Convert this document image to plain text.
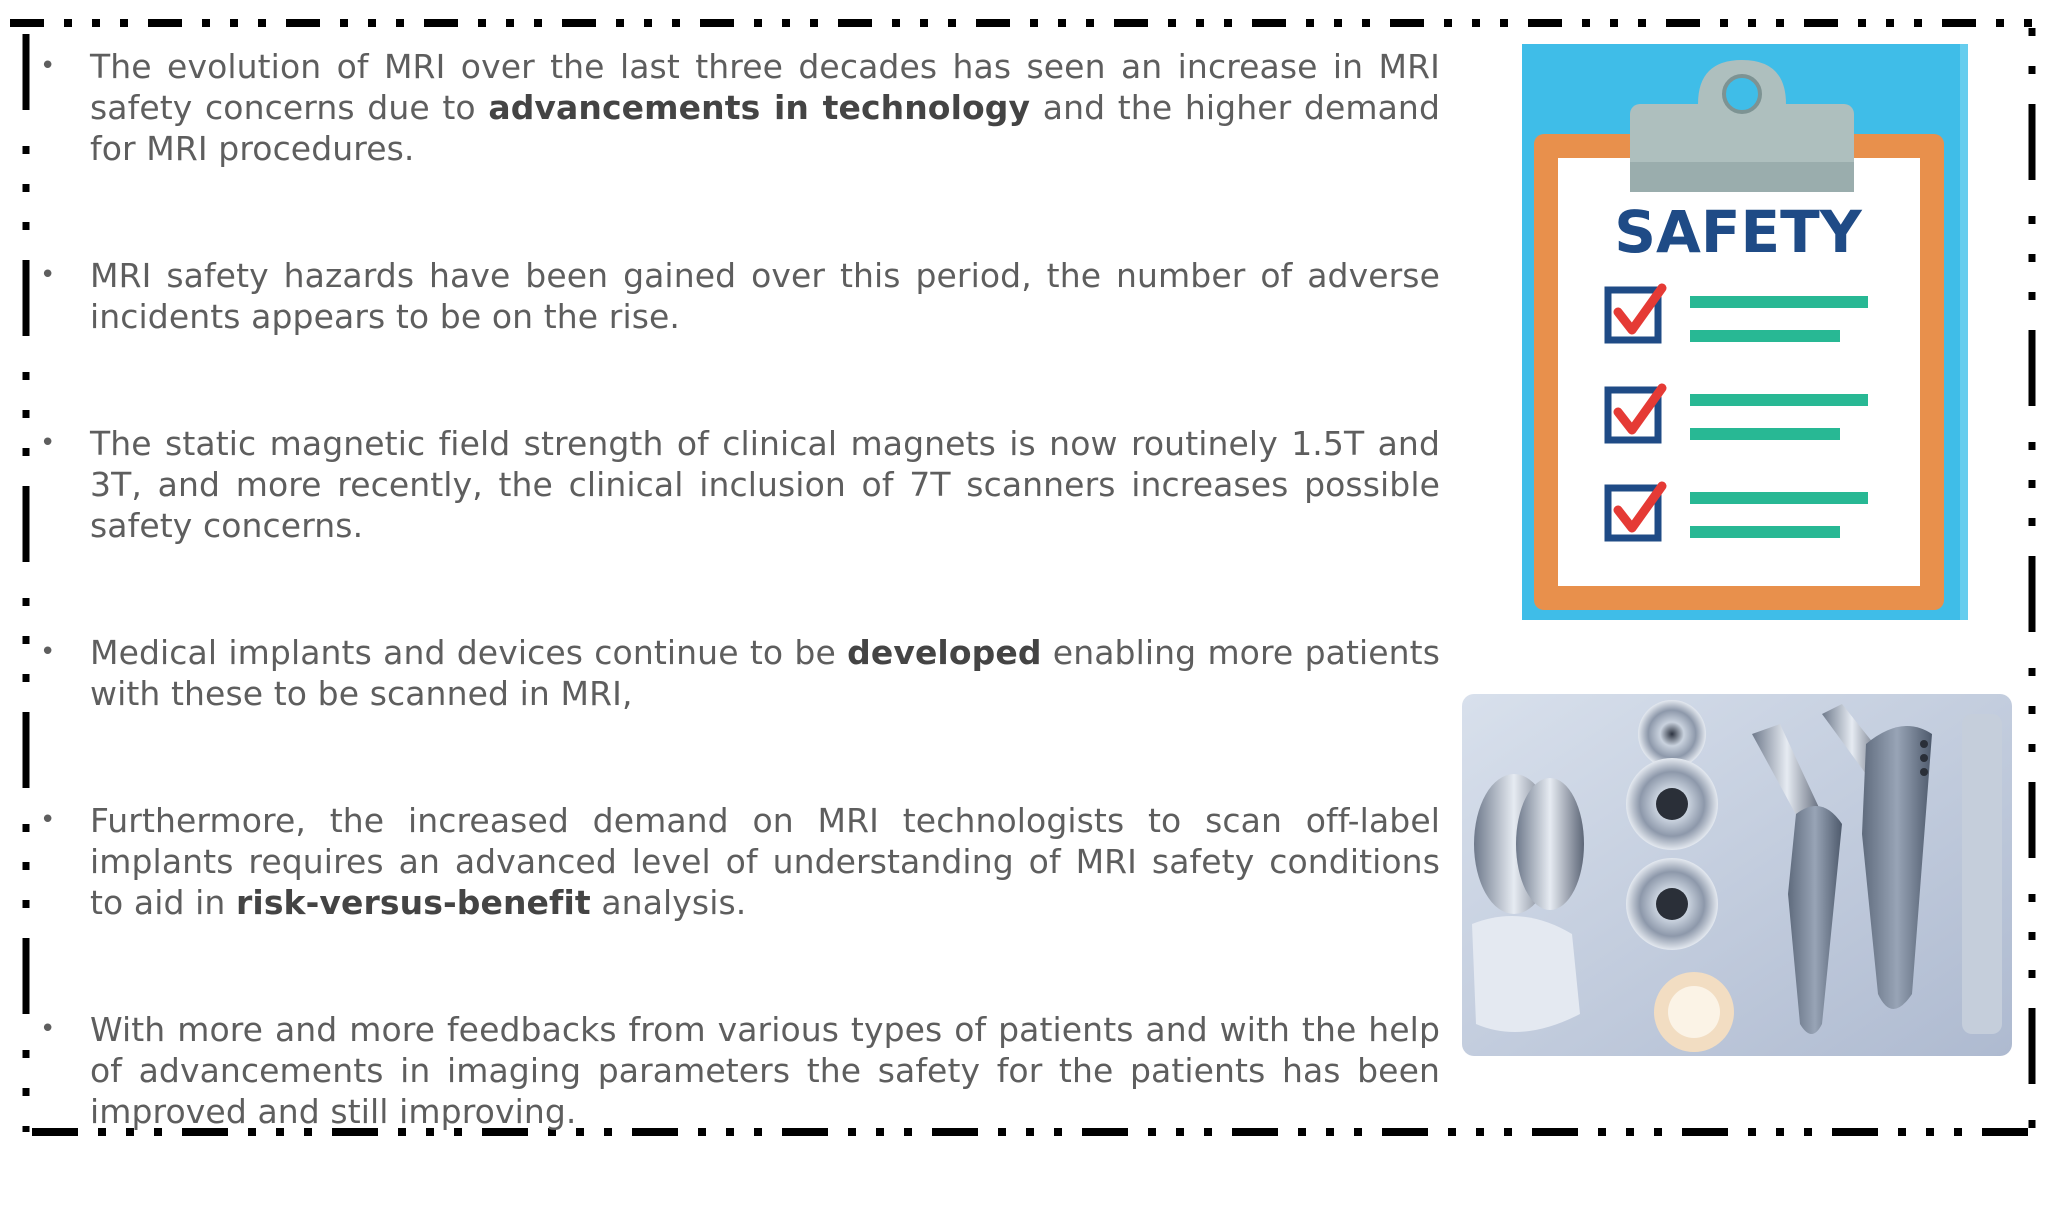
• The evolution of MRI over the last three decades has seen an increase in MRI safety concerns due to advancements in technology and the higher demand for MRI procedures.
• MRI safety hazards have been gained over this period, the number of adverse incidents appears to be on the rise.
• The static magnetic field strength of clinical magnets is now routinely 1.5T and 3T, and more recently, the clinical inclusion of 7T scanners increases possible safety concerns.
• Medical implants and devices continue to be developed enabling more patients with these to be scanned in MRI,
• Furthermore, the increased demand on MRI technologists to scan off-label implants requires an advanced level of understanding of MRI safety conditions to aid in risk-versus-benefit analysis.
• With more and more feedbacks from various types of patients and with the help of advancements in imaging parameters the safety for the patients has been improved and still improving.
SAFETY
